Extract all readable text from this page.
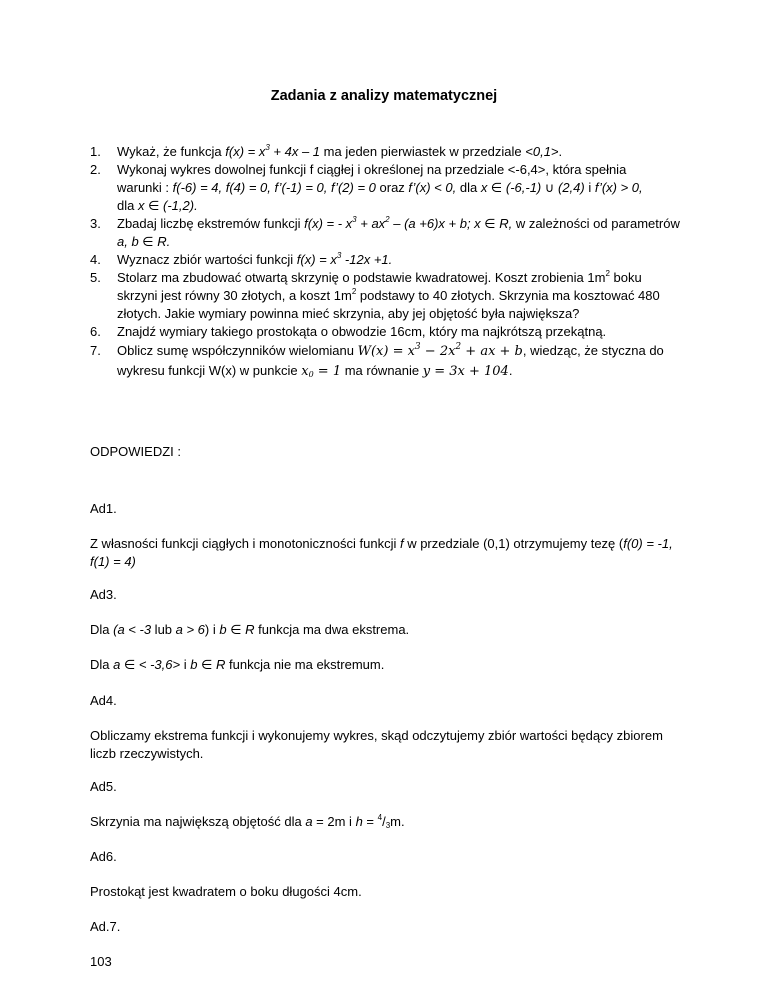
Zadania z analizy matematycznej
1. Wykaż, że funkcja $f(x) = x^3 + 4x - 1$ ma jeden pierwiastek w przedziale <0,1>.
2. Wykonaj wykres dowolnej funkcji f ciągłej i określonej na przedziale <-6,4>, która spełnia
warunki : f(-6) = 4, f(4) = 0, f’(-1) = 0, f’(2) = 0 oraz f’(x) < 0, dla x ∈ (-6,-1) ∪ (2,4) i f’(x) > 0,
dla x ∈ (-1,2).
3. Zbadaj liczbę ekstremów funkcji f(x) = - $x^3 + ax^2 - (a +6)x + b$; x ∈ R, w zależności od parametrów
a, b ∈ R.
4. Wyznacz zbiór wartości funkcji $f(x) = x^3$ -12x +1.
5. Stolarz ma zbudować otwartą skrzynię o podstawie kwadratowej. Koszt zrobienia $1m^2$ boku
skrzyni jest równy 30 złotych, a koszt $1m^2$ podstawy to 40 złotych. Skrzynia ma kosztować 480
złotych. Jakie wymiary powinna mieć skrzynia, aby jej objętość była największa?
6. Znajdź wymiary takiego prostokąta o obwodzie 16cm, który ma najkrótszą przekątną.
7. Oblicz sumę współczynników wielomianu $W(x) = x^3 - 2x^2$ + ax + b, wiedząc, że styczna do
wykresu funkcji W(x) w punkcie $x_0 = 1$ ma równanie y = 3x + 104.
ODPOWIEDZI :
Ad1.
Z własności funkcji ciągłych i monotoniczności funkcji f w przedziale (0,1) otrzymujemy tezę (f(0) = -1,
f(1) = 4)
Ad3.
Dla (a < -3 lub a > 6) i b ∈ R funkcja ma dwa ekstrema.
Dla a ∈ < -3,6> i b ∈ R funkcja nie ma ekstremum.
Ad4.
Obliczamy ekstrema funkcji i wykonujemy wykres, skąd odczytujemy zbiór wartości będący zbiorem
liczb rzeczywistych.
Ad5.
Skrzynia ma największą objętość dla a = 2m i $h = ^4/_3m$.
Ad6.
Prostokąt jest kwadratem o boku długości 4cm.
Ad.7.
103
